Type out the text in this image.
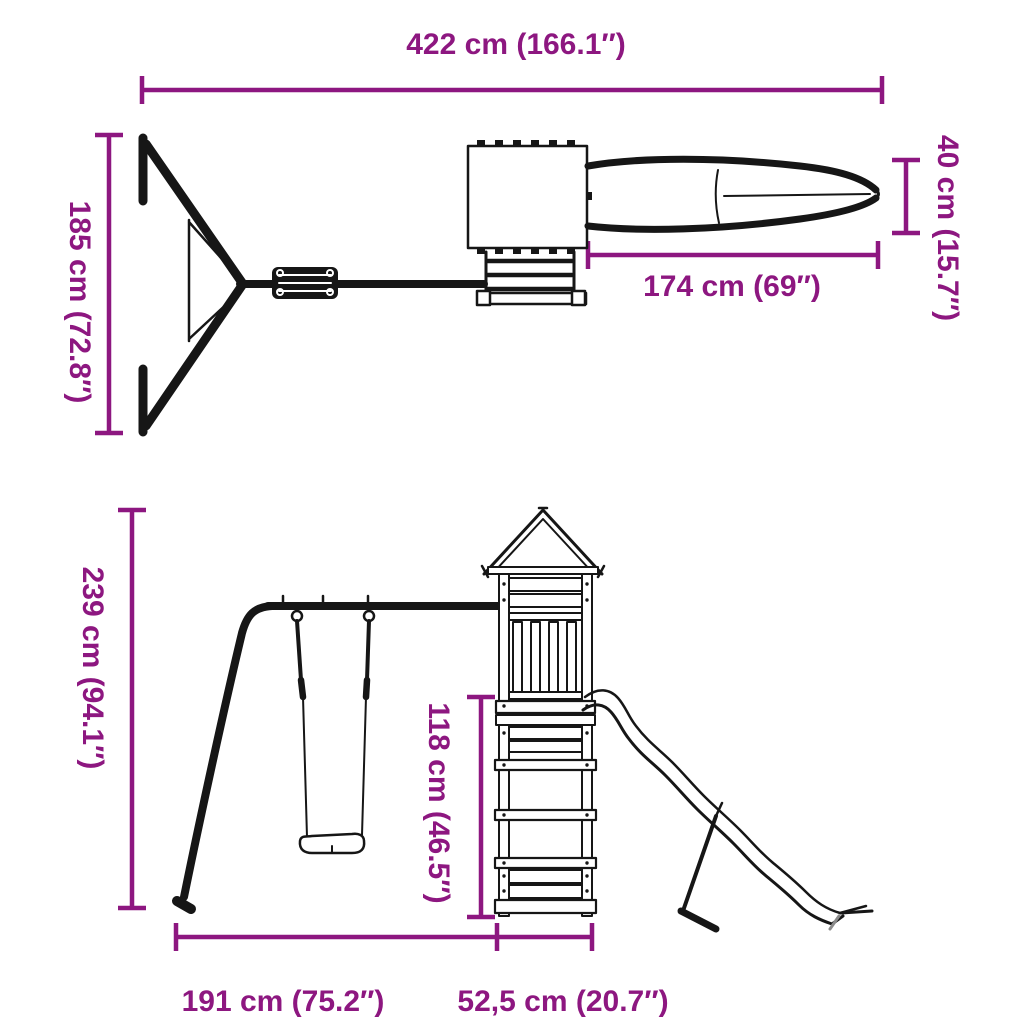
422 cm (166.1″)
185 cm (72.8″)	40 cm (15.7″)
174 cm (69″)
239 cm (94.1″)
118 cm (46.5″)
191 cm (75.2″) 52,5 cm (20.7″)
